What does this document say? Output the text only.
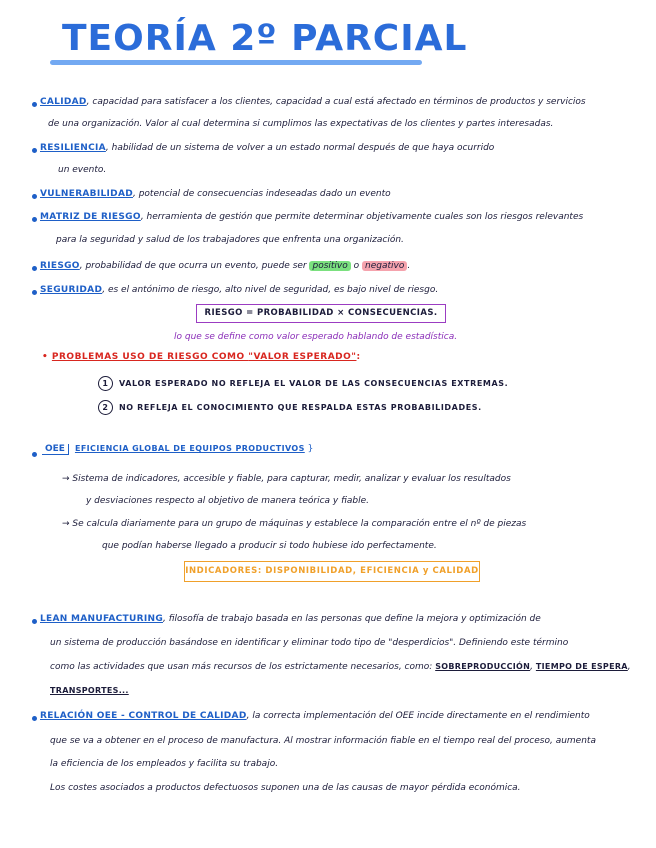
TEORÍA 2º PARCIAL
CALIDAD, capacidad para satisfacer a los clientes, capacidad a cual está afectado en términos de productos y servicios
de una organización. Valor al cual determina si cumplimos las expectativas de los clientes y partes interesadas.
RESILIENCIA, habilidad de un sistema de volver a un estado normal después de que haya ocurrido
un evento.
VULNERABILIDAD, potencial de consecuencias indeseadas dado un evento
MATRIZ DE RIESGO, herramienta de gestión que permite determinar objetivamente cuales son los riesgos relevantes
para la seguridad y salud de los trabajadores que enfrenta una organización.
RIESGO, probabilidad de que ocurra un evento, puede ser positivo o negativo .
SEGURIDAD, es el antónimo de riesgo, alto nivel de seguridad, es bajo nivel de riesgo.
RIESGO = PROBABILIDAD × CONSECUENCIAS.
lo que se define como valor esperado hablando de estadística.
• PROBLEMAS USO DE RIESGO COMO "VALOR ESPERADO":
1 VALOR ESPERADO NO REFLEJA EL VALOR DE LAS CONSECUENCIAS EXTREMAS.
2 NO REFLEJA EL CONOCIMIENTO QUE RESPALDA ESTAS PROBABILIDADES.
OEE EFICIENCIA GLOBAL DE EQUIPOS PRODUCTIVOS }
→ Sistema de indicadores, accesible y fiable, para capturar, medir, analizar y evaluar los resultados
y desviaciones respecto al objetivo de manera teórica y fiable.
→ Se calcula diariamente para un grupo de máquinas y establece la comparación entre el nº de piezas
que podían haberse llegado a producir si todo hubiese ido perfectamente.
INDICADORES: DISPONIBILIDAD, EFICIENCIA y CALIDAD
LEAN MANUFACTURING, filosofía de trabajo basada en las personas que define la mejora y optimización de
un sistema de producción basándose en identificar y eliminar todo tipo de "desperdicios". Definiendo este término
como las actividades que usan más recursos de los estrictamente necesarios, como: SOBREPRODUCCIÓN, TIEMPO DE ESPERA,
TRANSPORTES...
RELACIÓN OEE - CONTROL DE CALIDAD, la correcta implementación del OEE incide directamente en el rendimiento
que se va a obtener en el proceso de manufactura. Al mostrar información fiable en el tiempo real del proceso, aumenta
la eficiencia de los empleados y facilita su trabajo.
Los costes asociados a productos defectuosos suponen una de las causas de mayor pérdida económica.
